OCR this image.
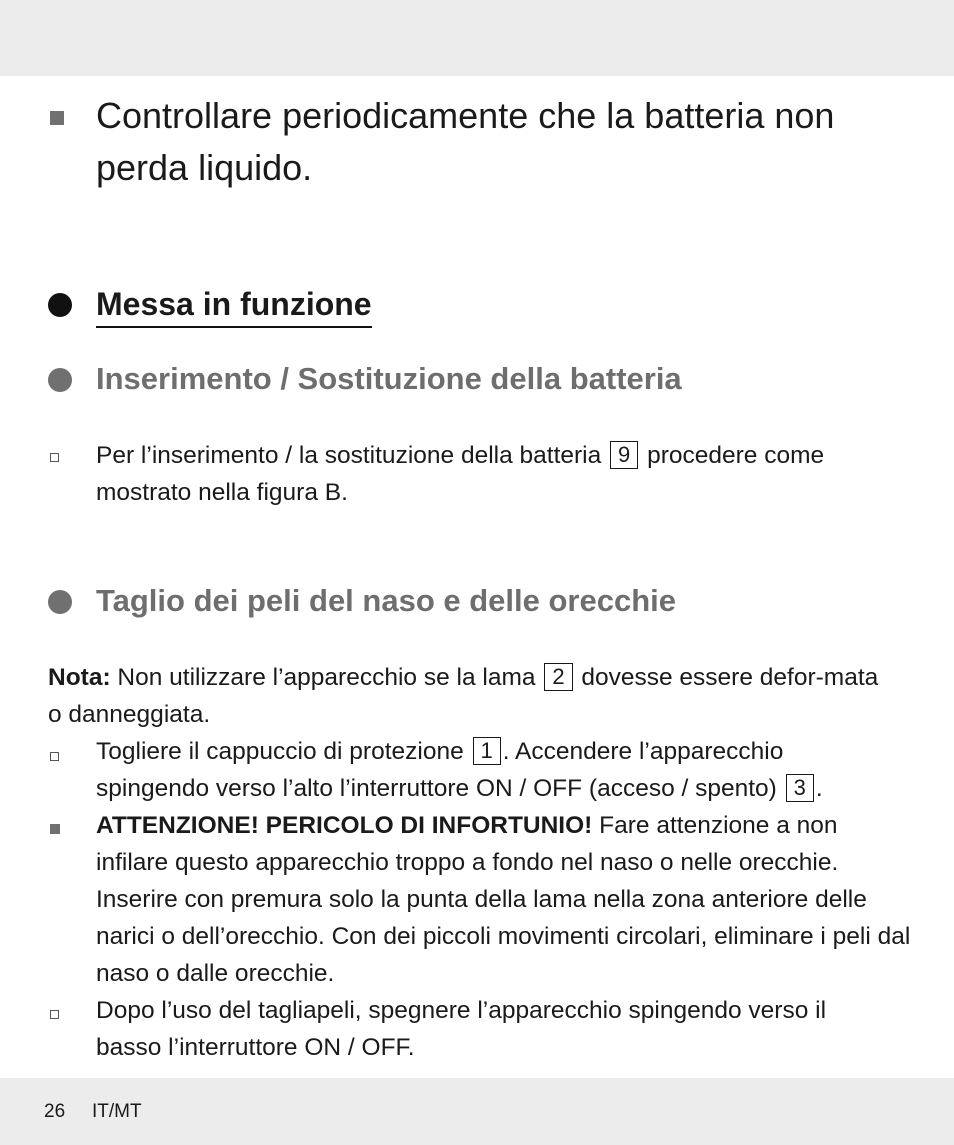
Controllare periodicamente che la batteria non perda liquido.
Messa in funzione
Inserimento / Sostituzione della batteria
Per l’inserimento / la sostituzione della batteria 9 procedere come mostrato nella figura B.
Taglio dei peli del naso e delle orecchie
Nota: Non utilizzare l’apparecchio se la lama 2 dovesse essere defor-mata o danneggiata.
Togliere il cappuccio di protezione 1 . Accendere l’apparecchio spingendo verso l’alto l’interruttore ON / OFF (acceso / spento) 3 .
ATTENZIONE! PERICOLO DI INFORTUNIO! Fare attenzione a non infilare questo apparecchio troppo a fondo nel naso o nelle orecchie. Inserire con premura solo la punta della lama nella zona anteriore delle narici o dell’orecchio. Con dei piccoli movimenti circolari, eliminare i peli dal naso o dalle orecchie.
Dopo l’uso del tagliapeli, spegnere l’apparecchio spingendo verso il basso l’interruttore ON / OFF.
26 IT/MT
